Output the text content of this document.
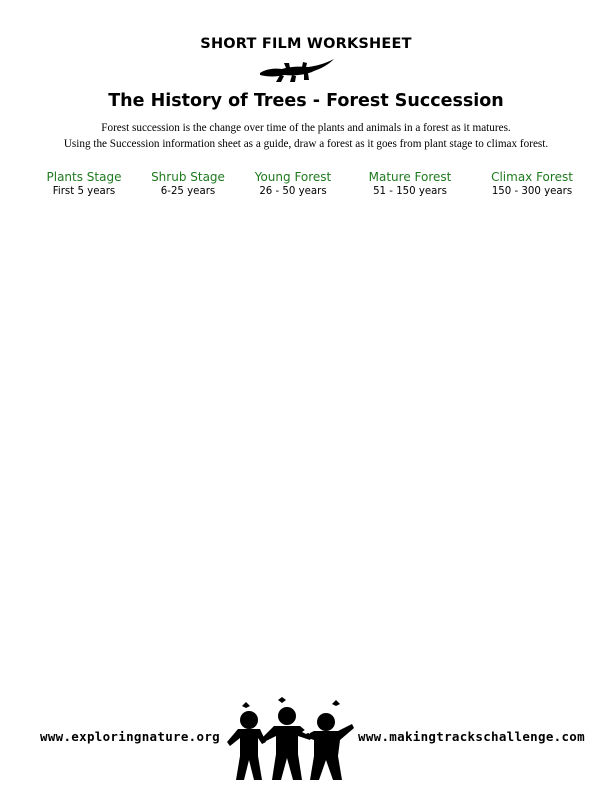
SHORT FILM WORKSHEET
The History of Trees - Forest Succession
Forest succession is the change over time of the plants and animals in a forest as it matures.
Using the Succession information sheet as a guide, draw a forest as it goes from plant stage to climax forest.
Plants Stage
First 5 years
Shrub Stage
6-25 years
Young Forest
26 - 50 years
Mature Forest
51 - 150 years
Climax Forest
150 - 300 years
www.exploringnature.org	www.makingtrackschallenge.com
